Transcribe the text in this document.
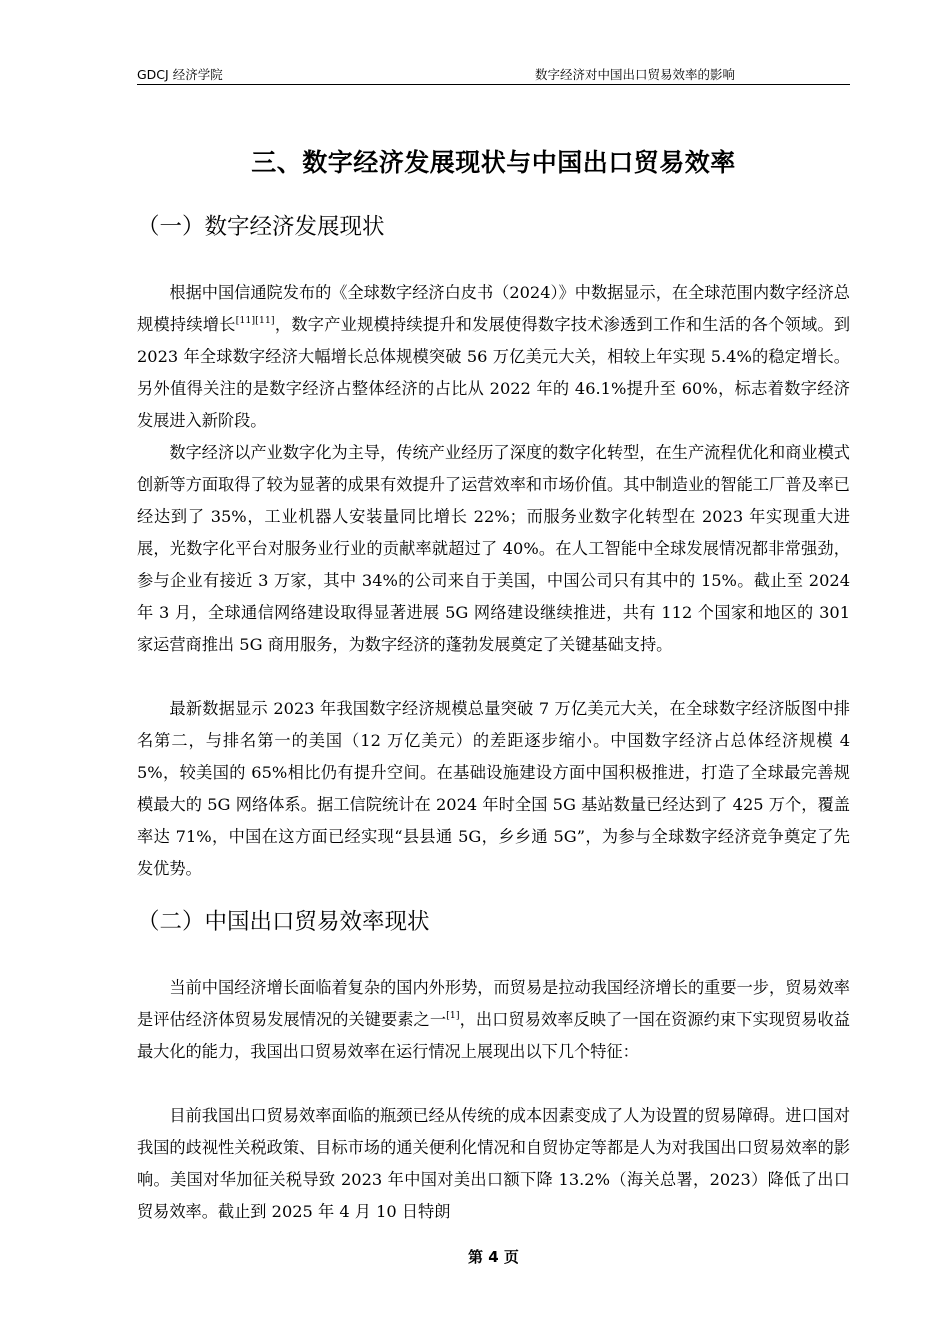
GDCJ 经济学院	数字经济对中国出口贸易效率的影响
三、数字经济发展现状与中国出口贸易效率
（一）数字经济发展现状

根据中国信通院发布的《全球数字经济白皮书（2024）》中数据显示，在全球范围内数字经济总规模持续增长[11][11]，数字产业规模持续提升和发展使得数字技术渗透到工作和生活的各个领域。到 2023 年全球数字经济大幅增长总体规模突破 56 万亿美元大关，相较上年实现 5.4%的稳定增长。另外值得关注的是数字经济占整体经济的占比从 2022 年的 46.1%提升至 60%，标志着数字经济发展进入新阶段。

数字经济以产业数字化为主导，传统产业经历了深度的数字化转型，在生产流程优化和商业模式创新等方面取得了较为显著的成果有效提升了运营效率和市场价值。其中制造业的智能工厂普及率已经达到了 35%，工业机器人安装量同比增长 22%；而服务业数字化转型在 2023 年实现重大进展，光数字化平台对服务业行业的贡献率就超过了 40%。在人工智能中全球发展情况都非常强劲，参与企业有接近 3 万家，其中 34%的公司来自于美国，中国公司只有其中的 15%。截止至 2024 年 3 月，全球通信网络建设取得显著进展 5G 网络建设继续推进，共有 112 个国家和地区的 301 家运营商推出 5G 商用服务，为数字经济的蓬勃发展奠定了关键基础支持。

最新数据显示 2023 年我国数字经济规模总量突破 7 万亿美元大关，在全球数字经济版图中排名第二，与排名第一的美国（12 万亿美元）的差距逐步缩小。中国数字经济占总体经济规模 45%，较美国的 65%相比仍有提升空间。在基础设施建设方面中国积极推进，打造了全球最完善规模最大的 5G 网络体系。据工信院统计在 2024 年时全国 5G 基站数量已经达到了 425 万个，覆盖率达 71%，中国在这方面已经实现“县县通 5G，乡乡通 5G”，为参与全球数字经济竞争奠定了先发优势。

（二）中国出口贸易效率现状

当前中国经济增长面临着复杂的国内外形势，而贸易是拉动我国经济增长的重要一步，贸易效率是评估经济体贸易发展情况的关键要素之一[1]，出口贸易效率反映了一国在资源约束下实现贸易收益最大化的能力，我国出口贸易效率在运行情况上展现出以下几个特征：

目前我国出口贸易效率面临的瓶颈已经从传统的成本因素变成了人为设置的贸易障碍。进口国对我国的歧视性关税政策、目标市场的通关便利化情况和自贸协定等都是人为对我国出口贸易效率的影响。美国对华加征关税导致 2023 年中国对美出口额下降 13.2%（海关总署，2023）降低了出口贸易效率。截止到 2025 年 4 月 10 日特朗

第 4 页
